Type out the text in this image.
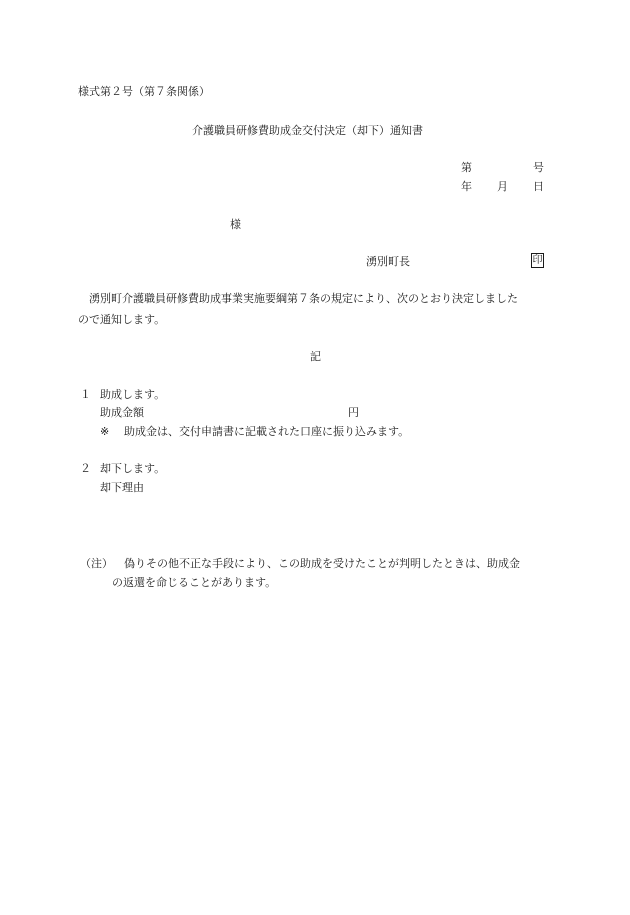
様式第２号（第７条関係）

介護職員研修費助成金交付決定（却下）通知書

第	号

年 月 日

様

湧別町長	印

湧別町介護職員研修費助成事業実施要綱第７条の規定により、次のとおり決定しました

ので通知します。

記

１ 助成します。

助成金額	円

※ 助成金は、交付申請書に記載された口座に振り込みます。

２ 却下します。

却下理由

（注） 偽りその他不正な手段により、この助成を受けたことが判明したときは、助成金

の返還を命じることがあります。
